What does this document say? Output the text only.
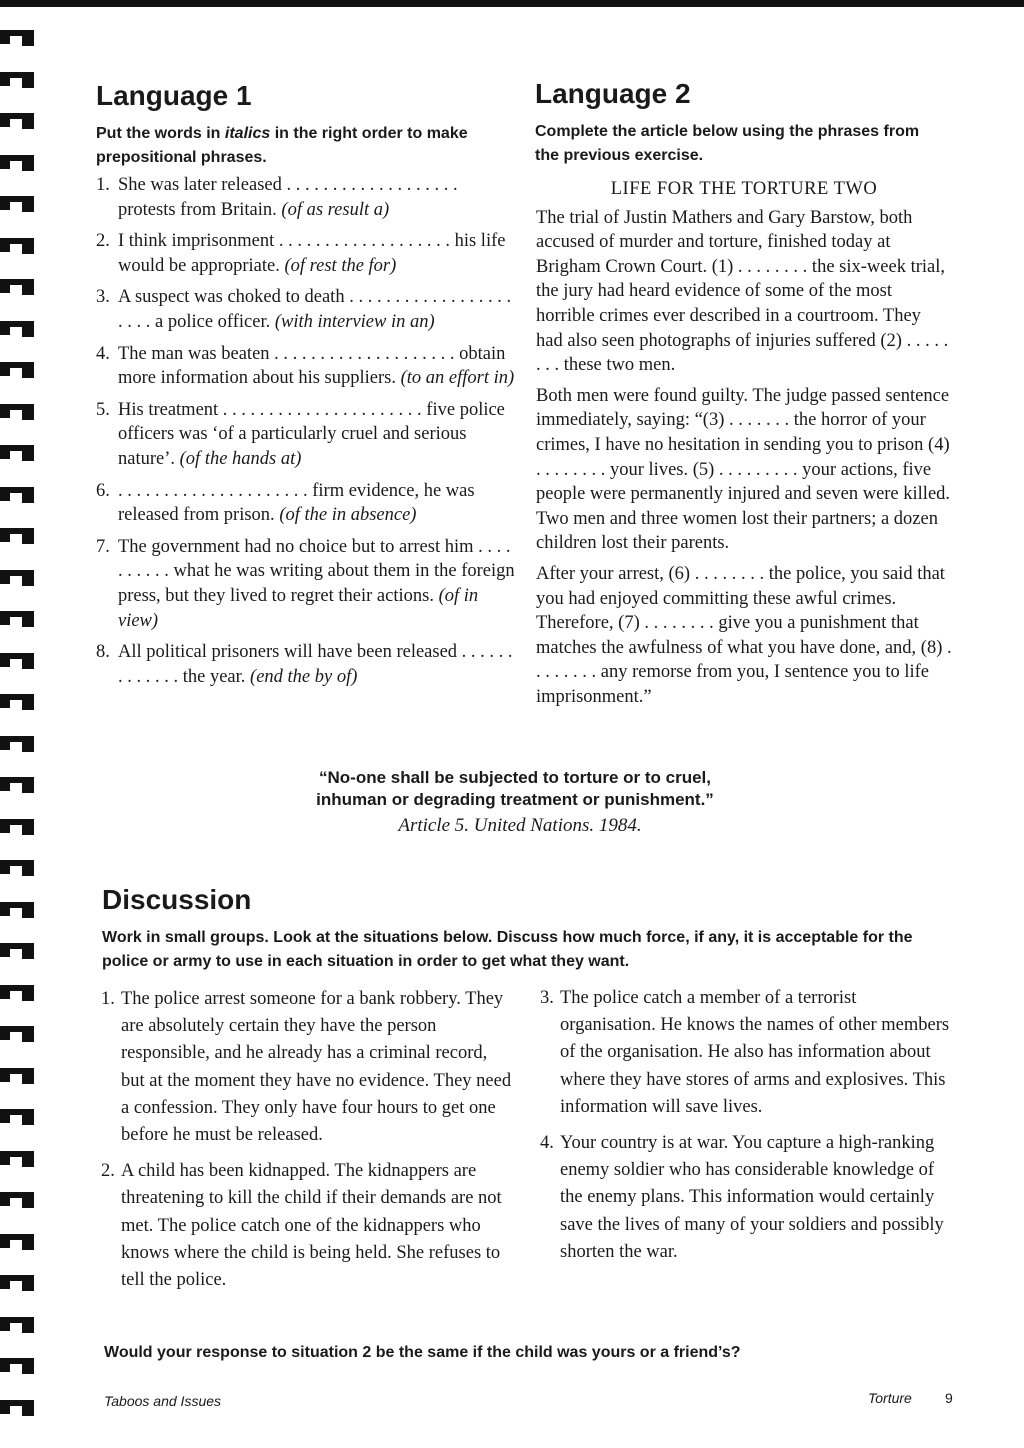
Language 1
Put the words in italics in the right order to make prepositional phrases.
1. She was later released . . . . . . . . . . . . . . . . . . . protests from Britain. (of as result a)
2. I think imprisonment . . . . . . . . . . . . . . . . . . . his life would be appropriate. (of rest the for)
3. A suspect was choked to death . . . . . . . . . . . . . . . . . . . . . . a police officer. (with interview in an)
4. The man was beaten . . . . . . . . . . . . . . . . . . . . obtain more information about his suppliers. (to an effort in)
5. His treatment . . . . . . . . . . . . . . . . . . . . . . five police officers was ‘of a particularly cruel and serious nature’. (of the hands at)
6. . . . . . . . . . . . . . . . . . . . . . firm evidence, he was released from prison. (of the in absence)
7. The government had no choice but to arrest him . . . . . . . . . . what he was writing about them in the foreign press, but they lived to regret their actions. (of in view)
8. All political prisoners will have been released . . . . . . . . . . . . . the year. (end the by of)
Language 2
Complete the article below using the phrases from the previous exercise.
LIFE FOR THE TORTURE TWO

The trial of Justin Mathers and Gary Barstow, both accused of murder and torture, finished today at Brigham Crown Court. (1) . . . . . . . . the six-week trial, the jury had heard evidence of some of the most horrible crimes ever described in a courtroom. They had also seen photographs of injuries suffered (2) . . . . . . . . these two men.

Both men were found guilty. The judge passed sentence immediately, saying: “(3) . . . . . . . the horror of your crimes, I have no hesitation in sending you to prison (4) . . . . . . . . your lives. (5) . . . . . . . . . your actions, five people were permanently injured and seven were killed. Two men and three women lost their partners; a dozen children lost their parents.

After your arrest, (6) . . . . . . . . the police, you said that you had enjoyed committing these awful crimes. Therefore, (7) . . . . . . . . give you a punishment that matches the awfulness of what you have done, and, (8) . . . . . . . . any remorse from you, I sentence you to life imprisonment.”

“No-one shall be subjected to torture or to cruel, inhuman or degrading treatment or punishment.”
Article 5. United Nations. 1984.
Discussion
Work in small groups. Look at the situations below. Discuss how much force, if any, it is acceptable for the police or army to use in each situation in order to get what they want.
1. The police arrest someone for a bank robbery. They are absolutely certain they have the person responsible, and he already has a criminal record, but at the moment they have no evidence. They need a confession. They only have four hours to get one before he must be released.
2. A child has been kidnapped. The kidnappers are threatening to kill the child if their demands are not met. The police catch one of the kidnappers who knows where the child is being held. She refuses to tell the police.
3. The police catch a member of a terrorist organisation. He knows the names of other members of the organisation. He also has information about where they have stores of arms and explosives. This information will save lives.
4. Your country is at war. You capture a high-ranking enemy soldier who has considerable knowledge of the enemy plans. This information would certainly save the lives of many of your soldiers and possibly shorten the war.
Would your response to situation 2 be the same if the child was yours or a friend’s?
Taboos and Issues	Torture 9
